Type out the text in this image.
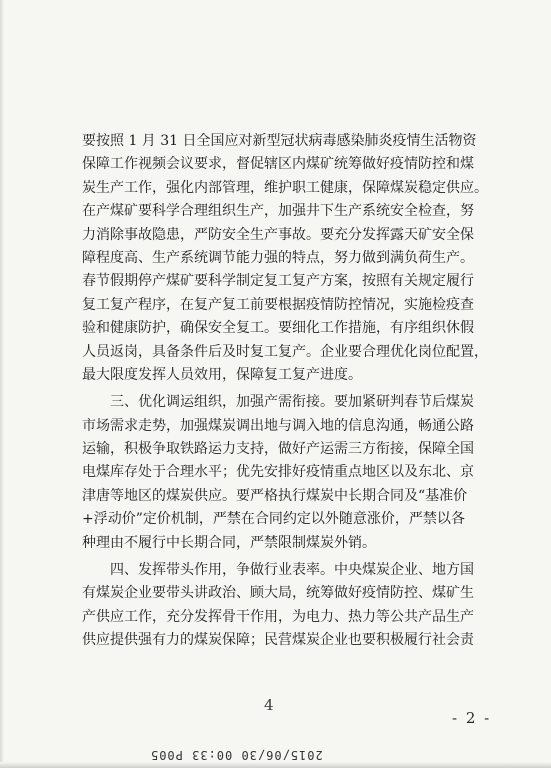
要按照 1 月 31 日全国应对新型冠状病毒感染肺炎疫情生活物资
保障工作视频会议要求，督促辖区内煤矿统筹做好疫情防控和煤
炭生产工作，强化内部管理，维护职工健康，保障煤炭稳定供应。
在产煤矿要科学合理组织生产，加强井下生产系统安全检查，努
力消除事故隐患，严防安全生产事故。要充分发挥露天矿安全保
障程度高、生产系统调节能力强的特点，努力做到满负荷生产。
春节假期停产煤矿要科学制定复工复产方案，按照有关规定履行
复工复产程序，在复产复工前要根据疫情防控情况，实施检疫查
验和健康防护，确保安全复工。要细化工作措施，有序组织休假
人员返岗，具备条件后及时复工复产。企业要合理优化岗位配置，
最大限度发挥人员效用，保障复工复产进度。
三、优化调运组织，加强产需衔接。要加紧研判春节后煤炭
市场需求走势，加强煤炭调出地与调入地的信息沟通，畅通公路
运输，积极争取铁路运力支持，做好产运需三方衔接，保障全国
电煤库存处于合理水平；优先安排好疫情重点地区以及东北、京
津唐等地区的煤炭供应。要严格执行煤炭中长期合同及“基准价
+浮动价”定价机制，严禁在合同约定以外随意涨价，严禁以各
种理由不履行中长期合同，严禁限制煤炭外销。
四、发挥带头作用，争做行业表率。中央煤炭企业、地方国
有煤炭企业要带头讲政治、顾大局，统筹做好疫情防控、煤矿生
产供应工作，充分发挥骨干作用，为电力、热力等公共产品生产
供应提供强有力的煤炭保障；民营煤炭企业也要积极履行社会责
4
- 2 -
2015/06/30 00:33 P005
